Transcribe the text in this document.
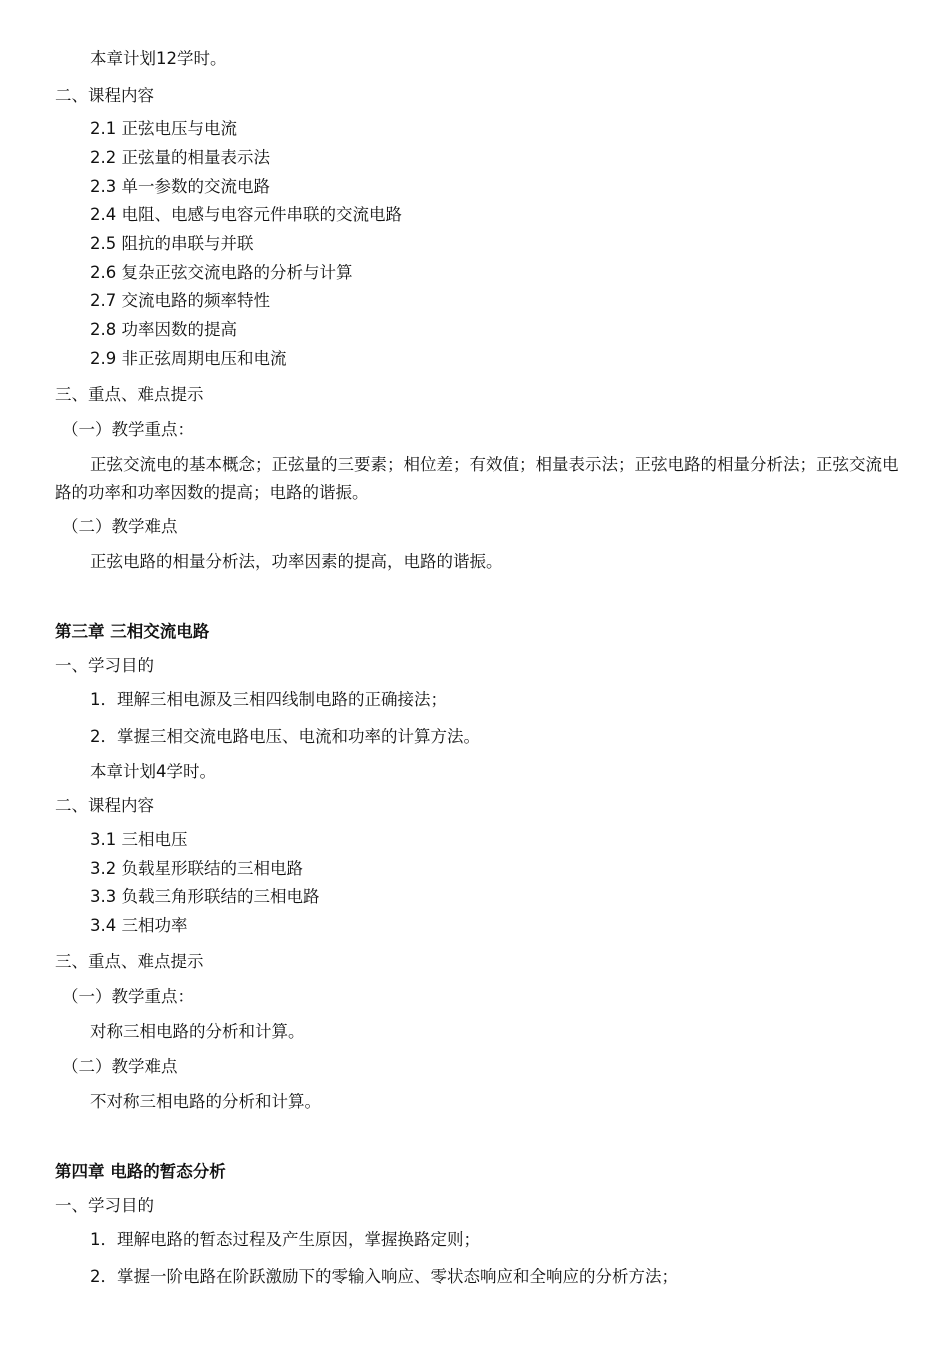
本章计划12学时。
二、课程内容
2.1 正弦电压与电流
2.2 正弦量的相量表示法
2.3 单一参数的交流电路
2.4 电阻、电感与电容元件串联的交流电路
2.5 阻抗的串联与并联
2.6 复杂正弦交流电路的分析与计算
2.7 交流电路的频率特性
2.8 功率因数的提高
2.9 非正弦周期电压和电流
三、重点、难点提示
（一）教学重点：
正弦交流电的基本概念；正弦量的三要素；相位差；有效值；相量表示法；正弦电路的相量分析法；正弦交流电路的功率和功率因数的提高；电路的谐振。
（二）教学难点
正弦电路的相量分析法，功率因素的提高，电路的谐振。
第三章 三相交流电路
一、学习目的
1．理解三相电源及三相四线制电路的正确接法；
2．掌握三相交流电路电压、电流和功率的计算方法。
本章计划4学时。
二、课程内容
3.1 三相电压
3.2 负载星形联结的三相电路
3.3 负载三角形联结的三相电路
3.4 三相功率
三、重点、难点提示
（一）教学重点：
对称三相电路的分析和计算。
（二）教学难点
不对称三相电路的分析和计算。
第四章 电路的暂态分析
一、学习目的
1．理解电路的暂态过程及产生原因，掌握换路定则；
2．掌握一阶电路在阶跃激励下的零输入响应、零状态响应和全响应的分析方法；
